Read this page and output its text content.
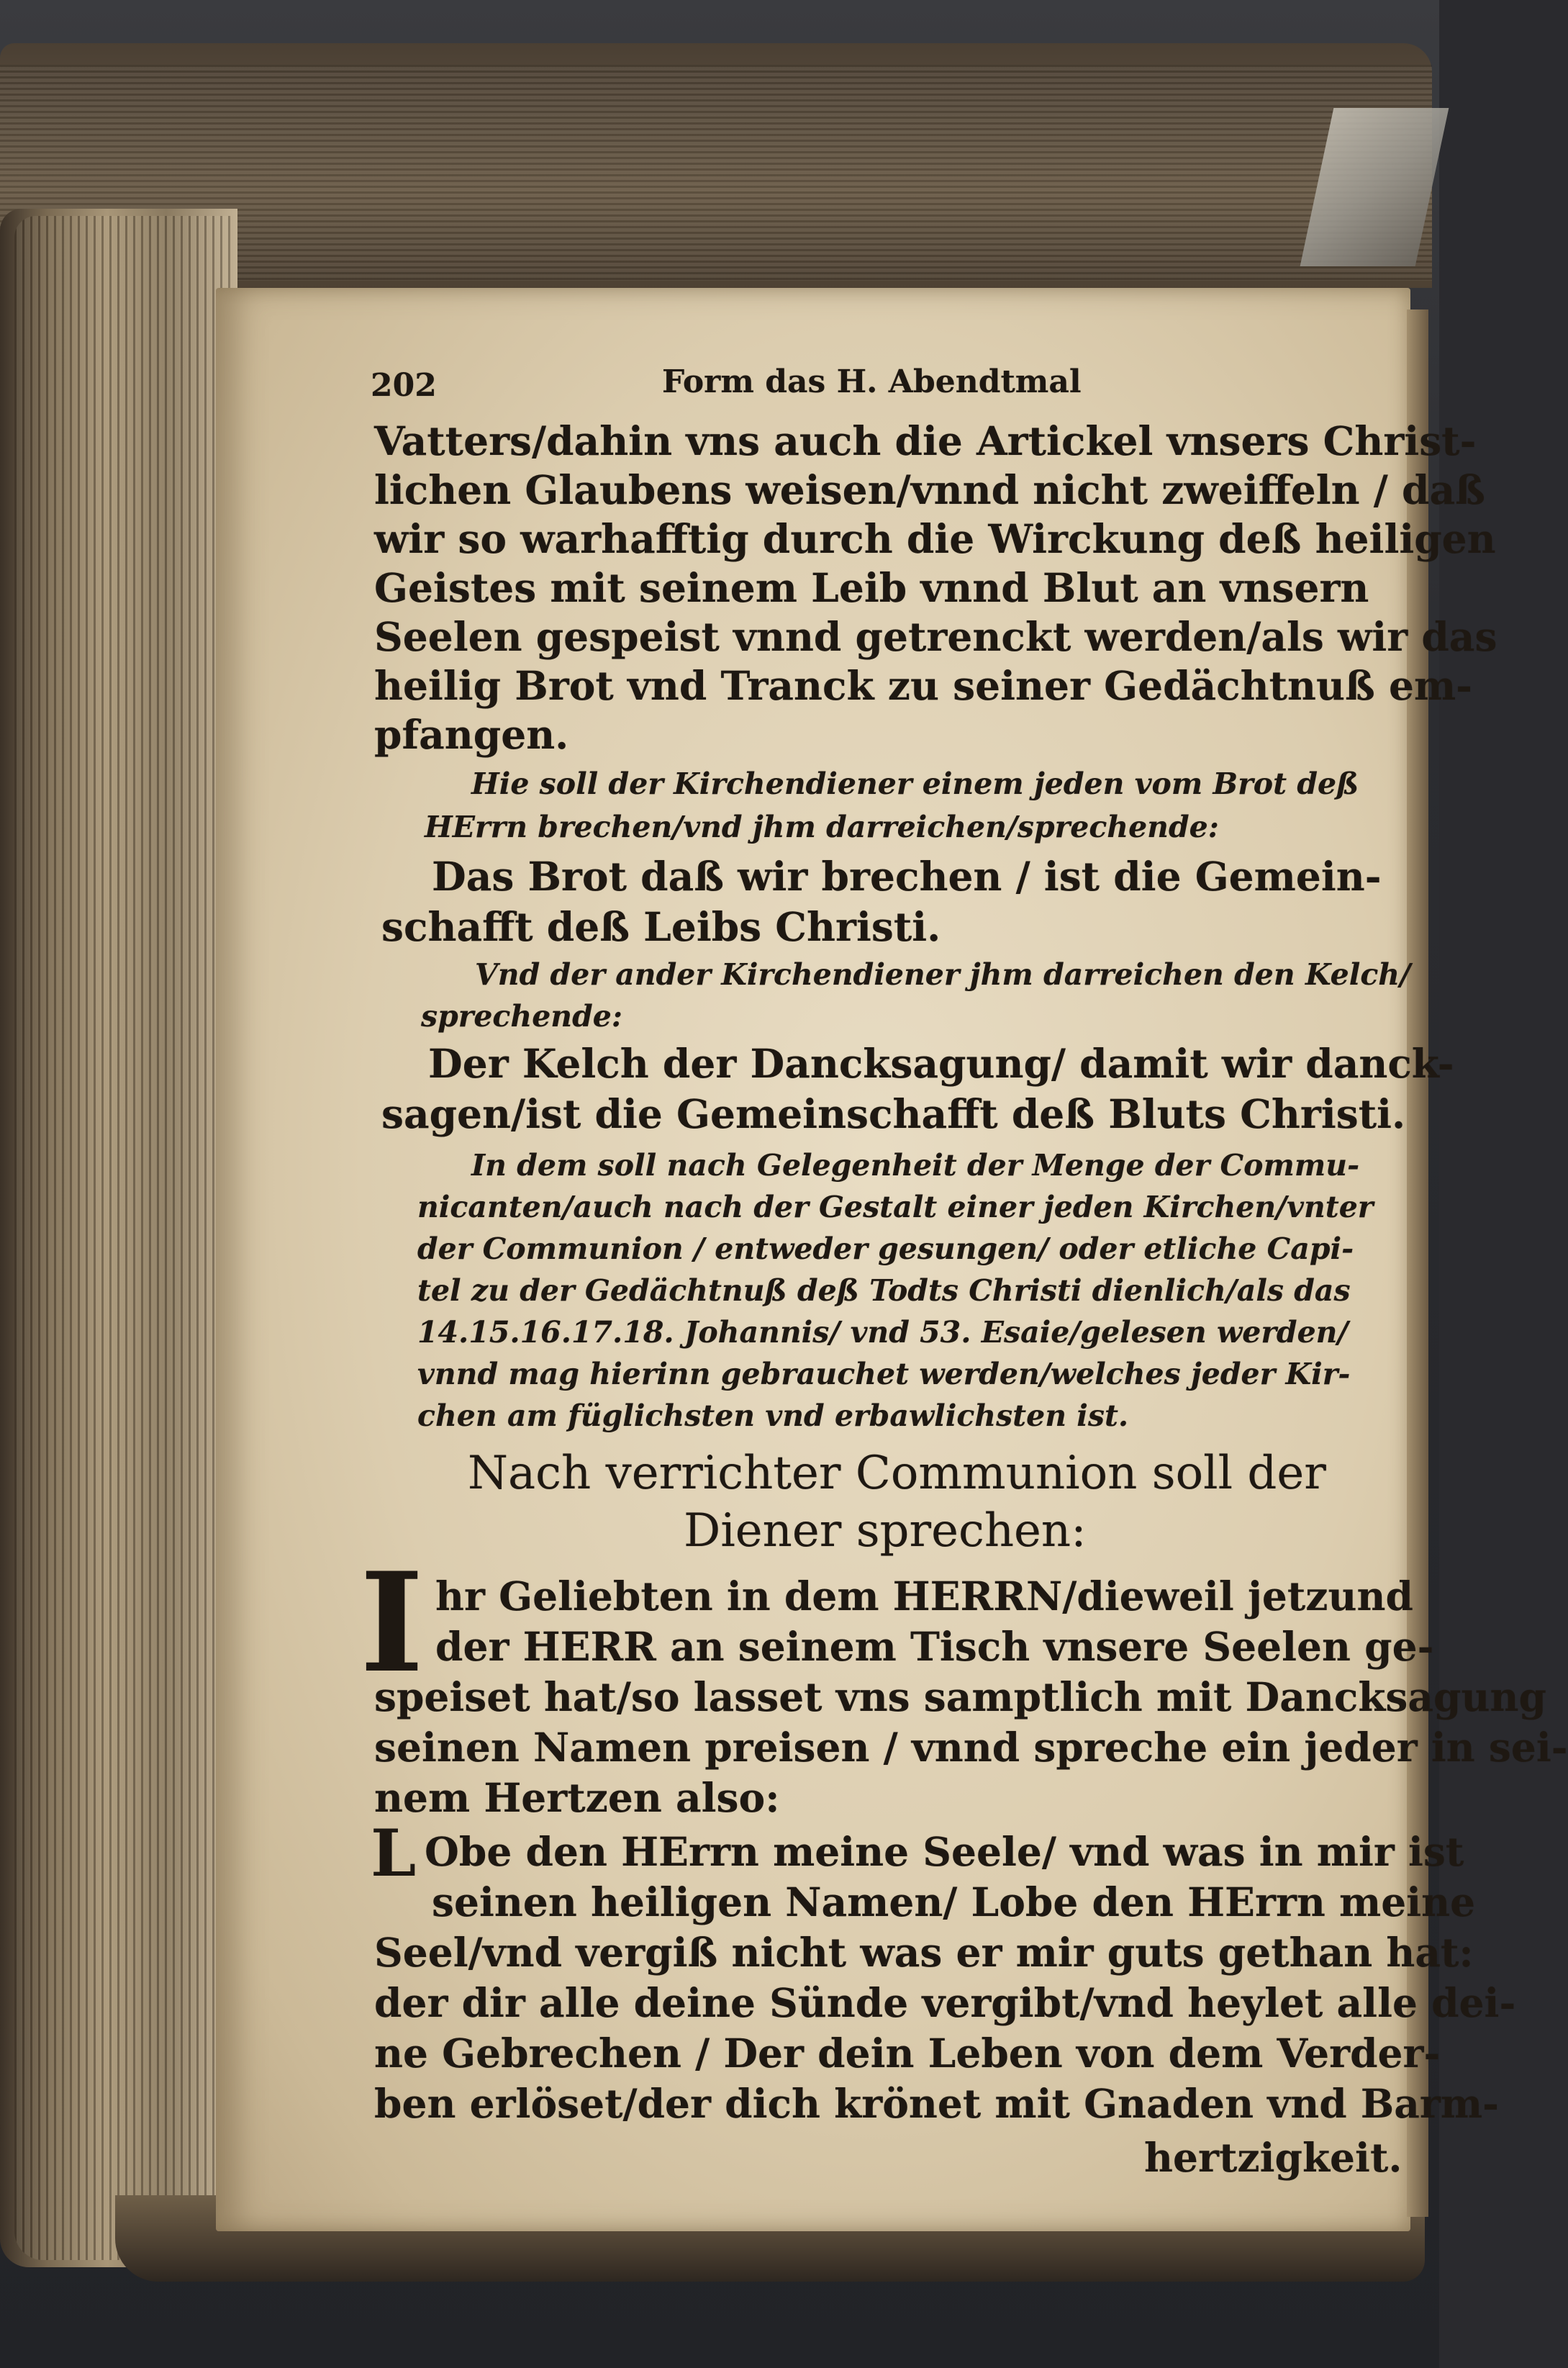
202	Form das H. Abendtmal
Vatters/dahin vns auch die Artickel vnsers Christ-
lichen Glaubens weisen/vnnd nicht zweiffeln / daß
wir so warhafftig durch die Wirckung deß heiligen
Geistes mit seinem Leib vnnd Blut an vnsern
Seelen gespeist vnnd getrenckt werden/als wir das
heilig Brot vnd Tranck zu seiner Gedächtnuß em-
pfangen.
Hie soll der Kirchendiener einem jeden vom Brot deß
HErrn brechen/vnd jhm darreichen/sprechende:
Das Brot daß wir brechen / ist die Gemein-
schafft deß Leibs Christi.
Vnd der ander Kirchendiener jhm darreichen den Kelch/
sprechende:
Der Kelch der Dancksagung/ damit wir danck-
sagen/ist die Gemeinschafft deß Bluts Christi.
In dem soll nach Gelegenheit der Menge der Commu-
nicanten/auch nach der Gestalt einer jeden Kirchen/vnter
der Communion / entweder gesungen/ oder etliche Capi-
tel zu der Gedächtnuß deß Todts Christi dienlich/als das
14.15.16.17.18. Johannis/ vnd 53. Esaie/gelesen werden/
vnnd mag hierinn gebrauchet werden/welches jeder Kir-
chen am füglichsten vnd erbawlichsten ist.
Nach verrichter Communion soll der
Diener sprechen:
I hr Geliebten in dem HERRN/dieweil jetzund
der HERR an seinem Tisch vnsere Seelen ge-
speiset hat/so lasset vns samptlich mit Dancksagung
seinen Namen preisen / vnnd spreche ein jeder in sei-
nem Hertzen also:
L Obe den HErrn meine Seele/ vnd was in mir ist
seinen heiligen Namen/ Lobe den HErrn meine
Seel/vnd vergiß nicht was er mir guts gethan hat:
der dir alle deine Sünde vergibt/vnd heylet alle dei-
ne Gebrechen / Der dein Leben von dem Verder-
ben erlöset/der dich krönet mit Gnaden vnd Barm-
hertzigkeit.
